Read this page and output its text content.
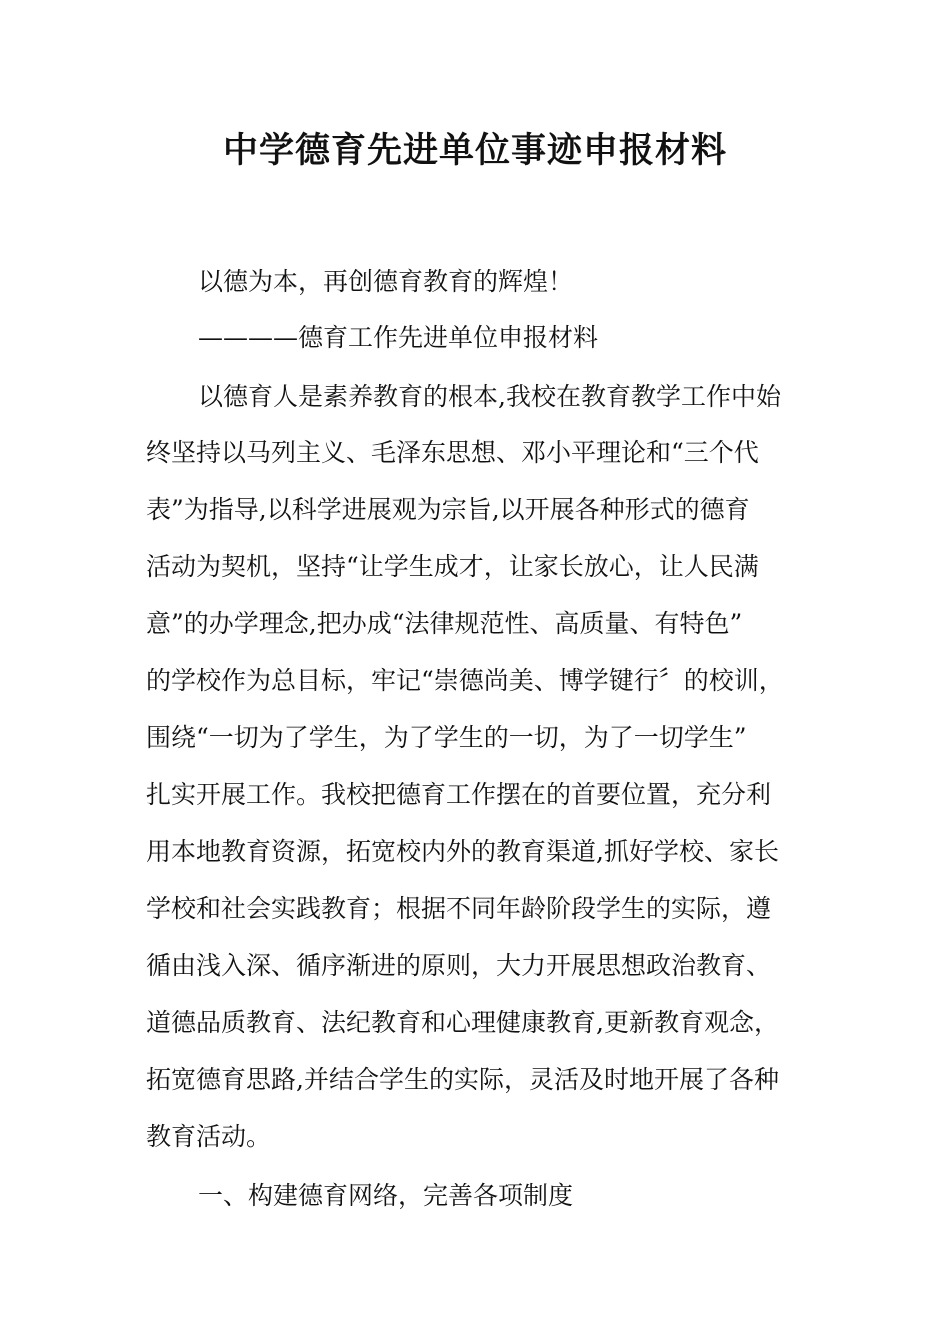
中学德育先进单位事迹申报材料

以德为本，再创德育教育的辉煌！

————德育工作先进单位申报材料

以德育人是素养教育的根本,我校在教育教学工作中始

终坚持以马列主义、毛泽东思想、邓小平理论和“三个代

表”为指导,以科学进展观为宗旨,以开展各种形式的德育

活动为契机，坚持“让学生成才，让家长放心，让人民满

意”的办学理念,把办成“法律规范性、高质量、有特色”

的学校作为总目标，牢记“崇德尚美、博学键行〞的校训，

围绕“一切为了学生，为了学生的一切，为了一切学生”

扎实开展工作。我校把德育工作摆在的首要位置，充分利

用本地教育资源，拓宽校内外的教育渠道,抓好学校、家长

学校和社会实践教育；根据不同年龄阶段学生的实际，遵

循由浅入深、循序渐进的原则，大力开展思想政治教育、

道德品质教育、法纪教育和心理健康教育,更新教育观念，

拓宽德育思路,并结合学生的实际，灵活及时地开展了各种

教育活动。

一、构建德育网络，完善各项制度
